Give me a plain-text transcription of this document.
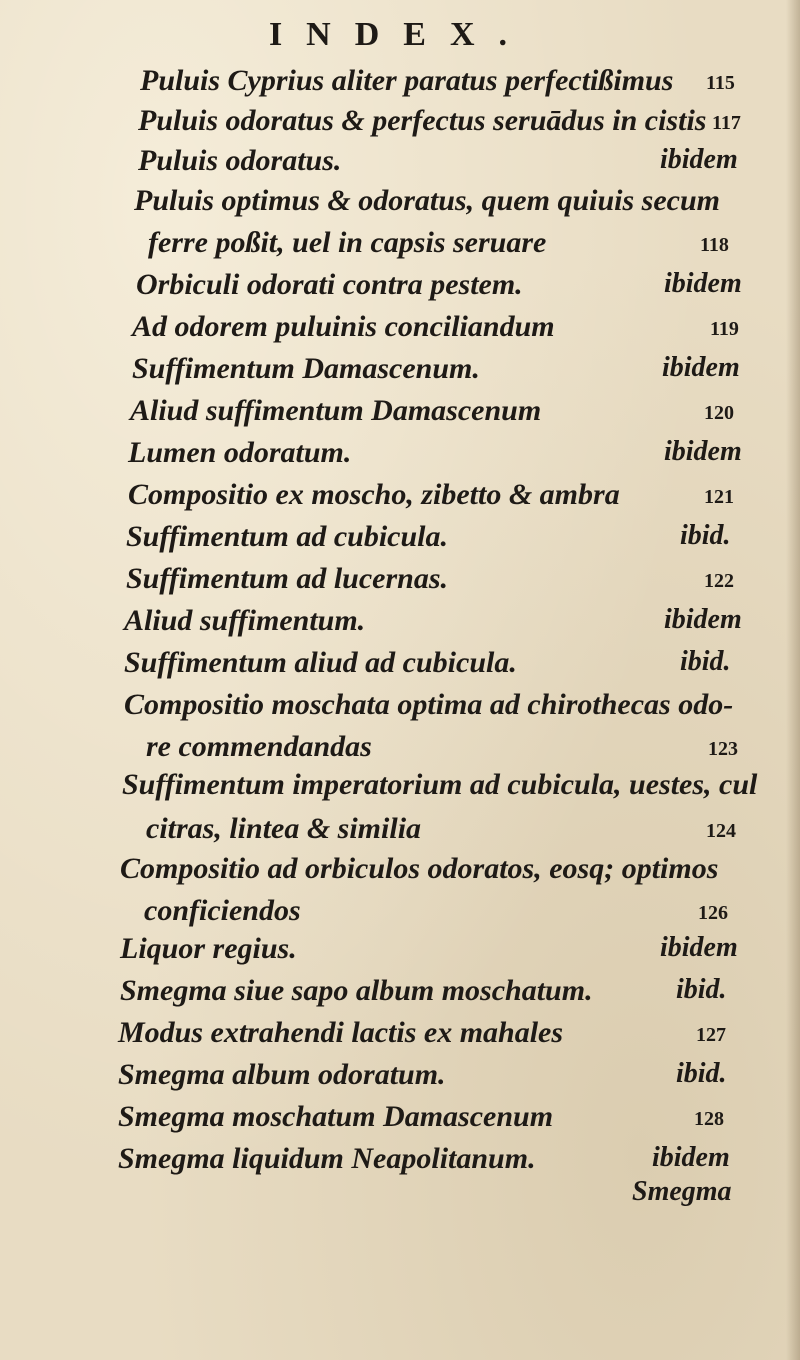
INDEX.
Puluis Cyprius aliter paratus perfectißimus 115
Puluis odoratus & perfectus seruādus in cistis 117
Puluis odoratus.	ibidem
Puluis optimus & odoratus, quem quiuis secum
ferre poßit, uel in capsis seruare	118
Orbiculi odorati contra pestem.	ibidem
Ad odorem puluinis conciliandum	119
Suffimentum Damascenum.	ibidem
Aliud suffimentum Damascenum	120
Lumen odoratum.	ibidem
Compositio ex moscho, zibetto & ambra	121
Suffimentum ad cubicula.	ibid.
Suffimentum ad lucernas.	122
Aliud suffimentum.	ibidem
Suffimentum aliud ad cubicula.	ibid.
Compositio moschata optima ad chirothecas odo-
re commendandas	123
Suffimentum imperatorium ad cubicula, uestes, cul
citras, lintea & similia	124
Compositio ad orbiculos odoratos, eosq; optimos
conficiendos	126
Liquor regius.	ibidem
Smegma siue sapo album moschatum.	ibid.
Modus extrahendi lactis ex mahales	127
Smegma album odoratum.	ibid.
Smegma moschatum Damascenum	128
Smegma liquidum Neapolitanum.	ibidem
Smegma
